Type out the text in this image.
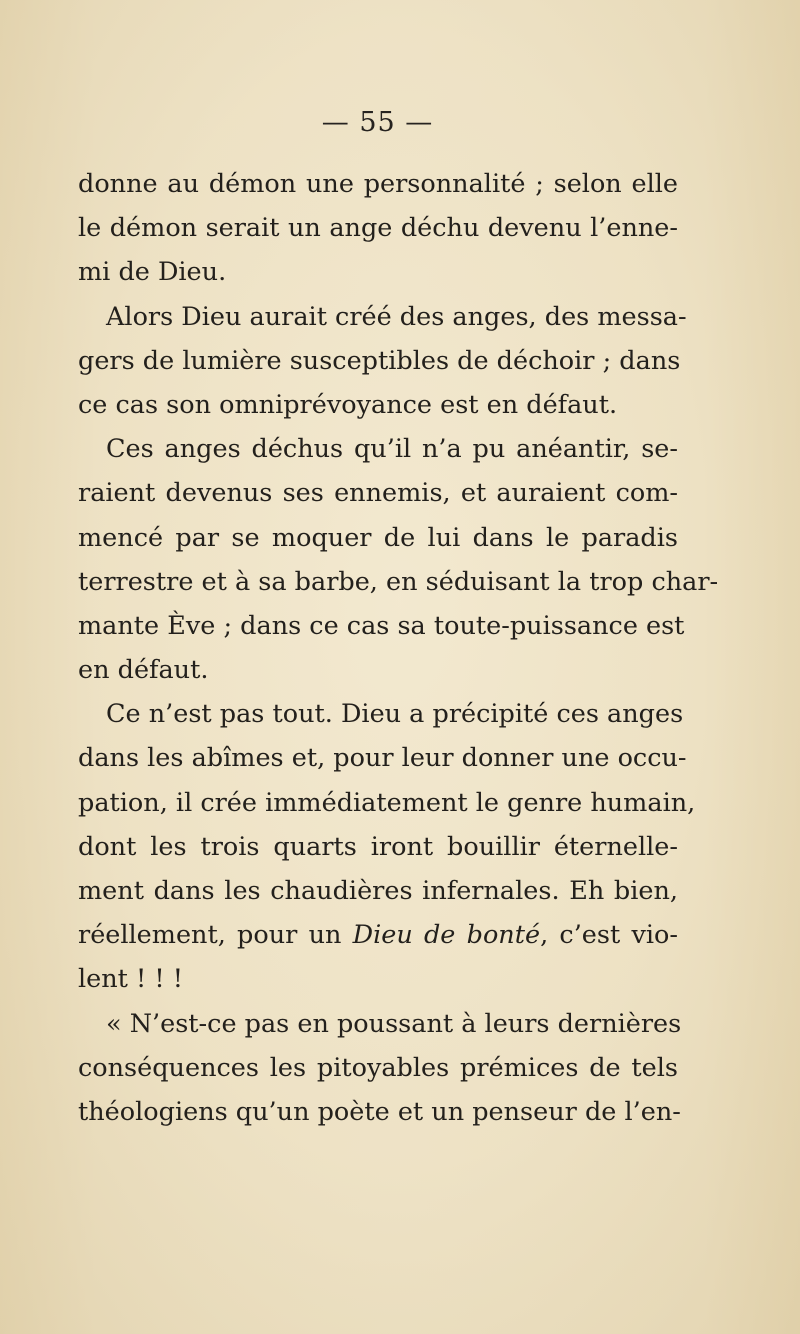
— 55 —
donne au démon une personnalité ; selon elle
le démon serait un ange déchu devenu l’enne-
mi de Dieu.
Alors Dieu aurait créé des anges, des messa-
gers de lumière susceptibles de déchoir ; dans
ce cas son omniprévoyance est en défaut.
Ces anges déchus qu’il n’a pu anéantir, se-
raient devenus ses ennemis, et auraient com-
mencé par se moquer de lui dans le paradis
terrestre et à sa barbe, en séduisant la trop char-
mante Ève ; dans ce cas sa toute-puissance est
en défaut.
Ce n’est pas tout. Dieu a précipité ces anges
dans les abîmes et, pour leur donner une occu-
pation, il crée immédiatement le genre humain,
dont les trois quarts iront bouillir éternelle-
ment dans les chaudières infernales. Eh bien,
réellement, pour un Dieu de bonté, c’est vio-
lent ! ! !
« N’est-ce pas en poussant à leurs dernières
conséquences les pitoyables prémices de tels
théologiens qu’un poète et un penseur de l’en-
